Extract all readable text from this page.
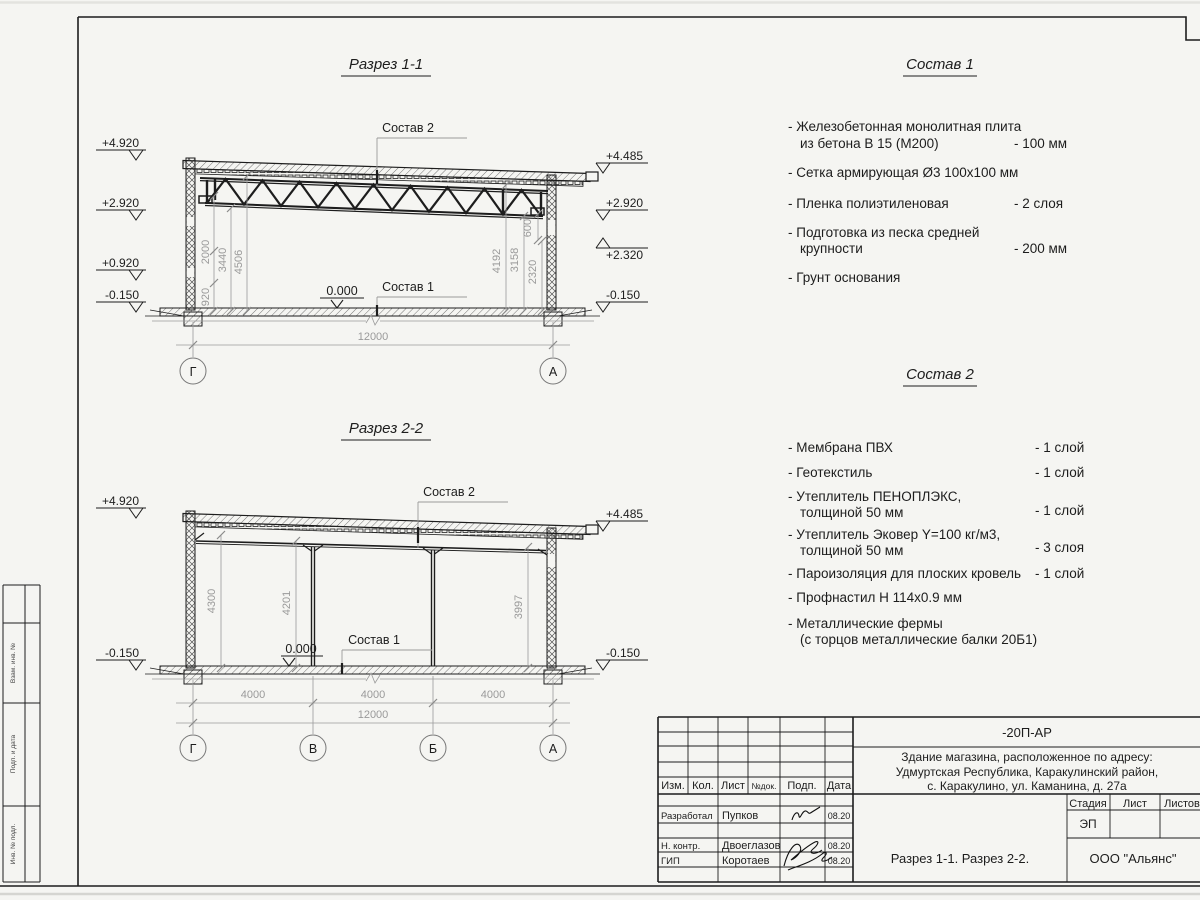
Взам. инв. №
Подп. и дата
Инв. № подл.
Разрез 1-1
Состав 2
Состав 1
0.000
+4.920
+2.920
+0.920
-0.150
+4.485
+2.920
+2.320
-0.150
2000 3440 4506
920
4192 3158 2320
600
12000
Г	А
Разрез 2-2
Состав 2
Состав 1
0.000
+4.920
-0.150
+4.485
-0.150
4300	4201	3997
4000	4000	4000
12000
Г	В	Б	А
Состав 1
- Железобетонная монолитная плита
из бетона В 15 (М200)	- 100 мм
- Сетка армирующая Ø3 100х100 мм
- Пленка полиэтиленовая	- 2 слоя
- Подготовка из песка средней
крупности	- 200 мм
- Грунт основания
Состав 2
- Мембрана ПВХ	- 1 слой
- Геотекстиль	- 1 слой
- Утеплитель ПЕНОПЛЭКС,
толщиной 50 мм	- 1 слой
- Утеплитель Эковер Y=100 кг/м3,
толщиной 50 мм	- 3 слоя
- Пароизоляция для плоских кровель - 1 слой
- Профнастил Н 114х0.9 мм
- Металлические фермы
(с торцов металлические балки 20Б1)
Изм. Кол. Лист №док. Подп. Дата
Разработал Пупков	08.20
Н. контр. Двоеглазов	08.20
ГИП	Коротаев	08.20
-20П-АР
Здание магазина, расположенное по адресу:
Удмуртская Республика, Каракулинский район,
с. Каракулино, ул. Каманина, д. 27а
Стадия Лист Листов
ЭП
Разрез 1-1. Разрез 2-2.	ООО "Альянс"
